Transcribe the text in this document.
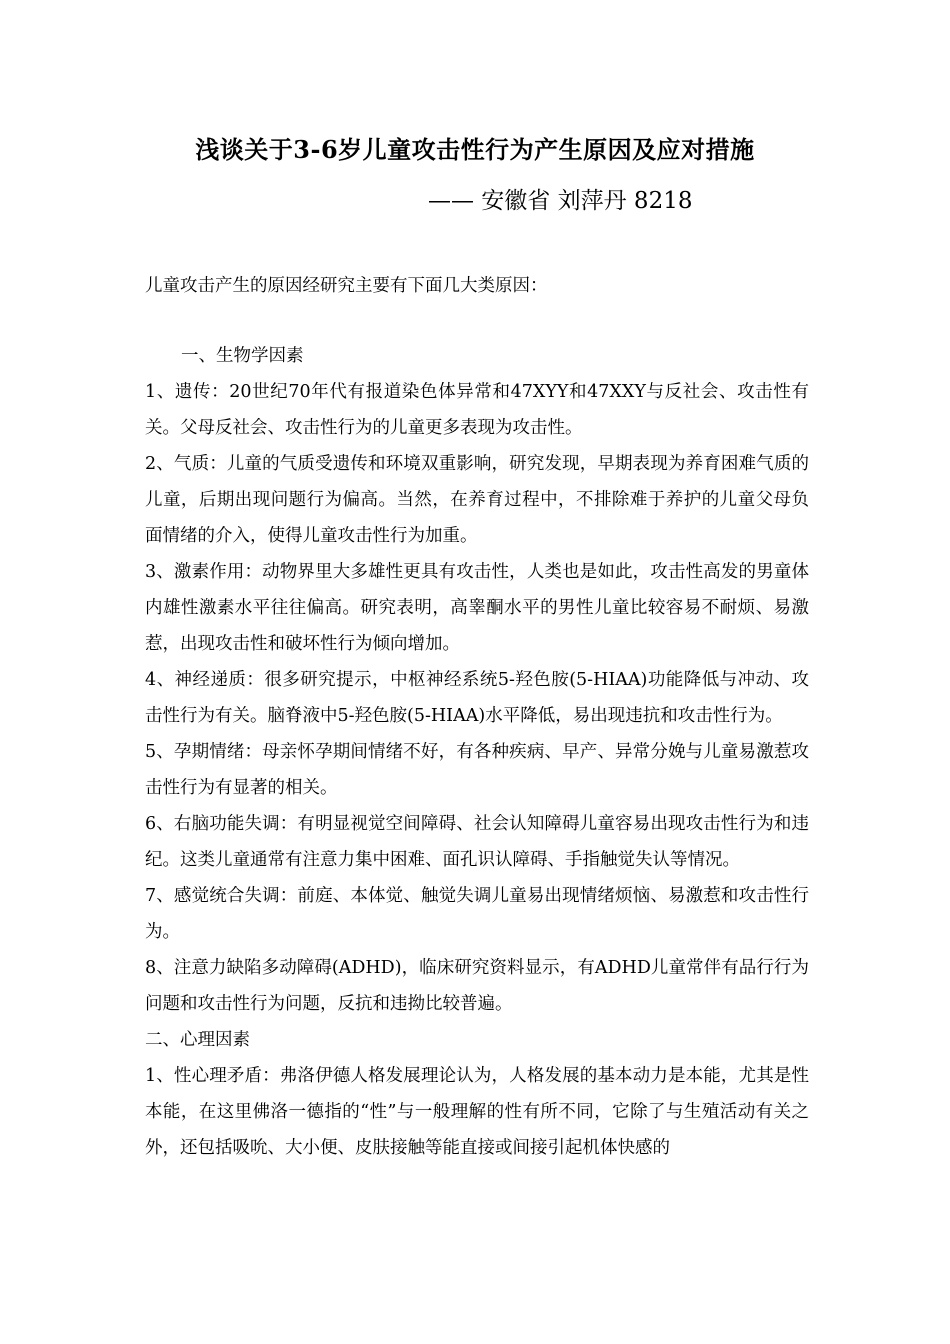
浅谈关于3-6岁儿童攻击性行为产生原因及应对措施
—— 安徽省 刘萍丹 8218
儿童攻击产生的原因经研究主要有下面几大类原因：

一、生物学因素

1、遗传：20世纪70年代有报道染色体异常和47XYY和47XXY与反社会、攻击性有关。父母反社会、攻击性行为的儿童更多表现为攻击性。

2、气质：儿童的气质受遗传和环境双重影响，研究发现，早期表现为养育困难气质的儿童，后期出现问题行为偏高。当然，在养育过程中，不排除难于养护的儿童父母负面情绪的介入，使得儿童攻击性行为加重。

3、激素作用：动物界里大多雄性更具有攻击性，人类也是如此，攻击性高发的男童体内雄性激素水平往往偏高。研究表明，高睾酮水平的男性儿童比较容易不耐烦、易激惹，出现攻击性和破坏性行为倾向增加。

4、神经递质：很多研究提示，中枢神经系统5-羟色胺(5-HIAA)功能降低与冲动、攻击性行为有关。脑脊液中5-羟色胺(5-HIAA)水平降低，易出现违抗和攻击性行为。

5、孕期情绪：母亲怀孕期间情绪不好，有各种疾病、早产、异常分娩与儿童易激惹攻击性行为有显著的相关。

6、右脑功能失调：有明显视觉空间障碍、社会认知障碍儿童容易出现攻击性行为和违纪。这类儿童通常有注意力集中困难、面孔识认障碍、手指触觉失认等情况。

7、感觉统合失调：前庭、本体觉、触觉失调儿童易出现情绪烦恼、易激惹和攻击性行为。

8、注意力缺陷多动障碍(ADHD)，临床研究资料显示，有ADHD儿童常伴有品行行为问题和攻击性行为问题，反抗和违拗比较普遍。

二、心理因素

1、性心理矛盾：弗洛伊德人格发展理论认为，人格发展的基本动力是本能，尤其是性本能，在这里佛洛一德指的“性”与一般理解的性有所不同，它除了与生殖活动有关之外，还包括吸吮、大小便、皮肤接触等能直接或间接引起机体快感的
